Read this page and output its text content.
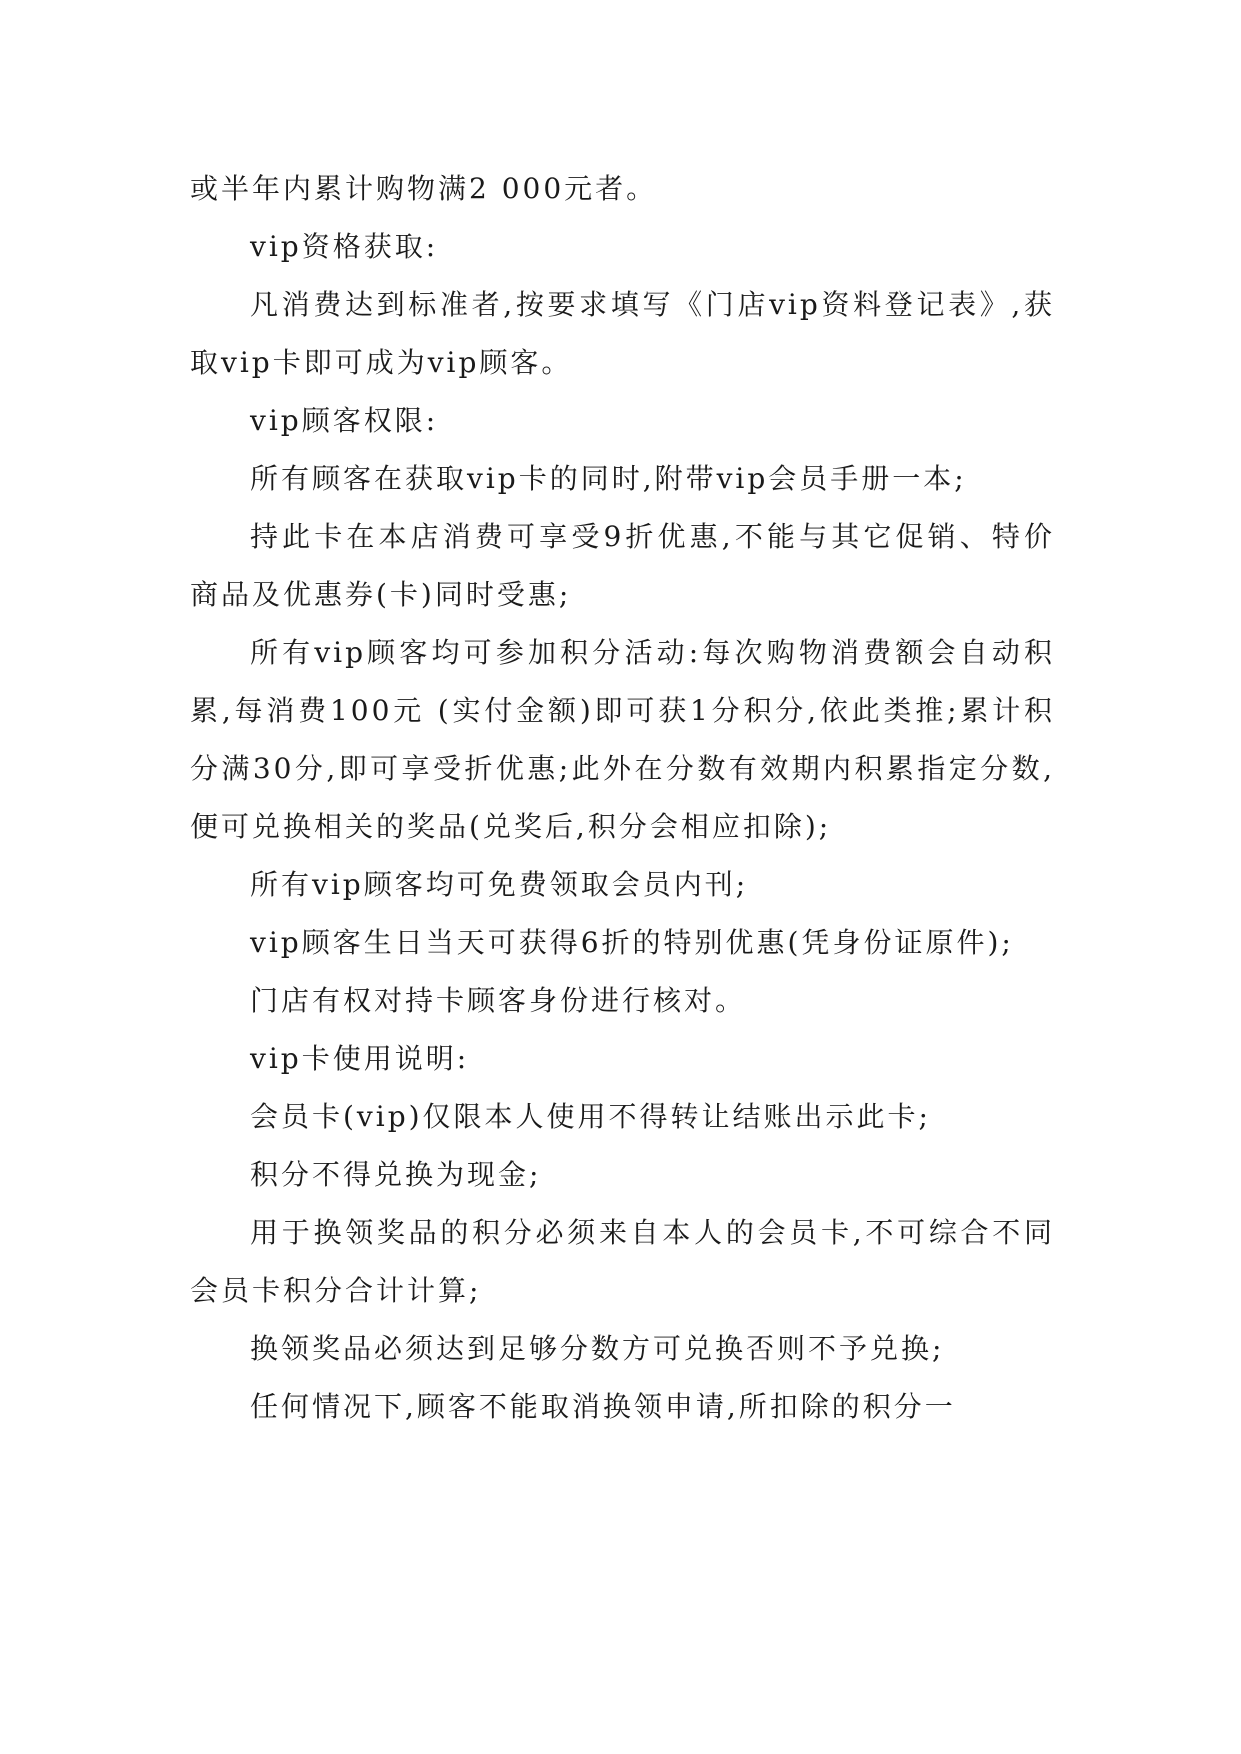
或半年内累计购物满2 000元者。

vip资格获取:

凡消费达到标准者,按要求填写《门店vip资料登记表》,获取vip卡即可成为vip顾客。

vip顾客权限:

所有顾客在获取vip卡的同时,附带vip会员手册一本;

持此卡在本店消费可享受9折优惠,不能与其它促销、特价商品及优惠券(卡)同时受惠;

所有vip顾客均可参加积分活动:每次购物消费额会自动积累,每消费100元 (实付金额)即可获1分积分,依此类推;累计积分满30分,即可享受折优惠;此外在分数有效期内积累指定分数,便可兑换相关的奖品(兑奖后,积分会相应扣除);

所有vip顾客均可免费领取会员内刊;

vip顾客生日当天可获得6折的特别优惠(凭身份证原件);

门店有权对持卡顾客身份进行核对。

vip卡使用说明:

会员卡(vip)仅限本人使用不得转让结账出示此卡;

积分不得兑换为现金;

用于换领奖品的积分必须来自本人的会员卡,不可综合不同会员卡积分合计计算;

换领奖品必须达到足够分数方可兑换否则不予兑换;

任何情况下,顾客不能取消换领申请,所扣除的积分一
